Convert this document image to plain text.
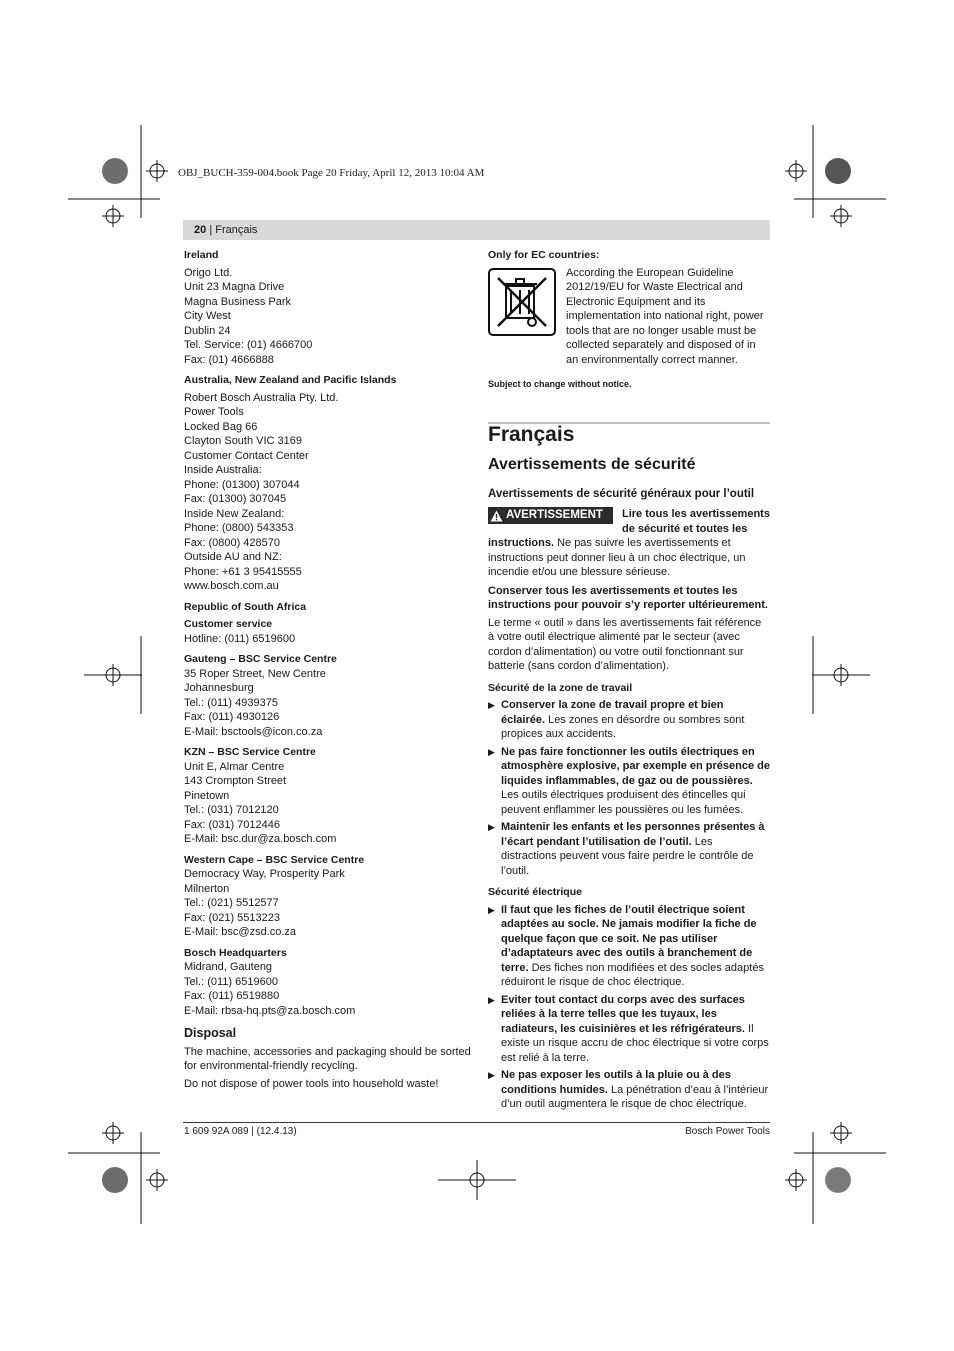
OBJ_BUCH-359-004.book Page 20 Friday, April 12, 2013 10:04 AM
20 | Français
Ireland
Origo Ltd.
Unit 23 Magna Drive
Magna Business Park
City West
Dublin 24
Tel. Service: (01) 4666700
Fax: (01) 4666888
Australia, New Zealand and Pacific Islands
Robert Bosch Australia Pty. Ltd.
Power Tools
Locked Bag 66
Clayton South VIC 3169
Customer Contact Center
Inside Australia:
Phone: (01300) 307044
Fax: (01300) 307045
Inside New Zealand:
Phone: (0800) 543353
Fax: (0800) 428570
Outside AU and NZ:
Phone: +61 3 95415555
www.bosch.com.au
Republic of South Africa
Customer service
Hotline: (011) 6519600
Gauteng – BSC Service Centre
35 Roper Street, New Centre
Johannesburg
Tel.: (011) 4939375
Fax: (011) 4930126
E-Mail: bsctools@icon.co.za
KZN – BSC Service Centre
Unit E, Almar Centre
143 Crompton Street
Pinetown
Tel.: (031) 7012120
Fax: (031) 7012446
E-Mail: bsc.dur@za.bosch.com
Western Cape – BSC Service Centre
Democracy Way, Prosperity Park
Milnerton
Tel.: (021) 5512577
Fax: (021) 5513223
E-Mail: bsc@zsd.co.za
Bosch Headquarters
Midrand, Gauteng
Tel.: (011) 6519600
Fax: (011) 6519880
E-Mail: rbsa-hq.pts@za.bosch.com
Disposal
The machine, accessories and packaging should be sorted for environmental-friendly recycling.
Do not dispose of power tools into household waste!
Only for EC countries:
According the European Guideline 2012/19/EU for Waste Electrical and Electronic Equipment and its implementation into national right, power tools that are no longer usable must be collected separately and disposed of in an environmentally correct manner.
Subject to change without notice.
Français
Avertissements de sécurité
Avertissements de sécurité généraux pour l’outil
AVERTISSEMENT Lire tous les avertissements de sécurité et toutes les instructions. Ne pas suivre les avertissements et instructions peut donner lieu à un choc électrique, un incendie et/ou une blessure sérieuse.
Conserver tous les avertissements et toutes les instructions pour pouvoir s’y reporter ultérieurement.
Le terme « outil » dans les avertissements fait référence à votre outil électrique alimenté par le secteur (avec cordon d’alimentation) ou votre outil fonctionnant sur batterie (sans cordon d’alimentation).
Sécurité de la zone de travail
▶ Conserver la zone de travail propre et bien éclairée. Les zones en désordre ou sombres sont propices aux accidents.
▶ Ne pas faire fonctionner les outils électriques en atmosphère explosive, par exemple en présence de liquides inflammables, de gaz ou de poussières. Les outils électriques produisent des étincelles qui peuvent enflammer les poussières ou les fumées.
▶ Maintenir les enfants et les personnes présentes à l’écart pendant l’utilisation de l’outil. Les distractions peuvent vous faire perdre le contrôle de l’outil.
Sécurité électrique
▶ Il faut que les fiches de l’outil électrique soient adaptées au socle. Ne jamais modifier la fiche de quelque façon que ce soit. Ne pas utiliser d’adaptateurs avec des outils à branchement de terre. Des fiches non modifiées et des socles adaptés réduiront le risque de choc électrique.
▶ Eviter tout contact du corps avec des surfaces reliées à la terre telles que les tuyaux, les radiateurs, les cuisinières et les réfrigérateurs. Il existe un risque accru de choc électrique si votre corps est relié à la terre.
▶ Ne pas exposer les outils à la pluie ou à des conditions humides. La pénétration d’eau à l’intérieur d’un outil augmentera le risque de choc électrique.
1 609 92A 089 | (12.4.13)	Bosch Power Tools
